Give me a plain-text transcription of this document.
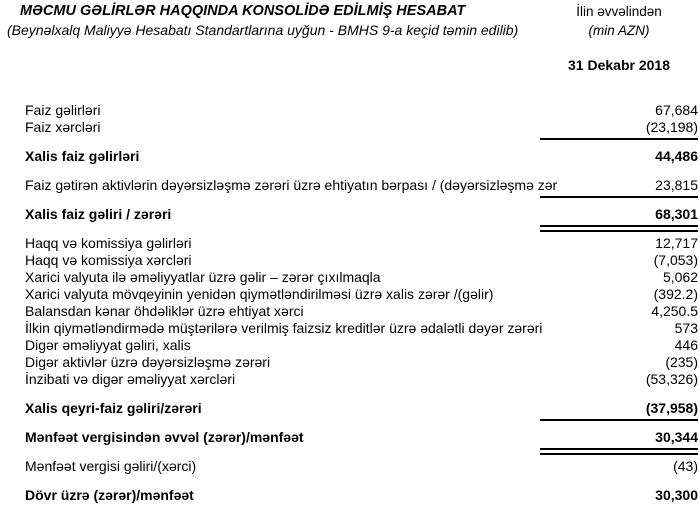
MƏCMU GƏLİRLƏR HAQQINDA KONSOLİDƏ EDİLMİŞ HESABAT
(Beynəlxalq Maliyyə Hesabatı Standartlarına uyğun - BMHS 9-a keçid təmin edilib)
İlin əvvəlindən
(min AZN)
31 Dekabr 2018
Faiz gəlirləri	67,684
Faiz xərcləri	(23,198)
Xalis faiz gəlirləri	44,486
Faiz gətirən aktivlərin dəyərsizləşmə zərəri üzrə ehtiyatın bərpası / (dəyərsizləşmə zər	23,815
Xalis faiz gəliri / zərəri	68,301
Haqq və komissiya gəlirləri	12,717
Haqq və komissiya xərcləri	(7,053)
Xarici valyuta ilə əməliyyatlar üzrə gəlir – zərər çıxılmaqla	5,062
Xarici valyuta mövqeyinin yenidən qiymətləndirilməsi üzrə xalis zərər /(gəlir)	(392.2)
Balansdan kənar öhdəliklər üzrə ehtiyat xərci	4,250.5
İlkin qiymətləndirmədə müştərilərə verilmiş faizsiz kreditlər üzrə ədalətli dəyər zərəri	573
Digər əməliyyat gəliri, xalis	446
Digər aktivlər üzrə dəyərsizləşmə zərəri	(235)
İnzibati və digər əməliyyat xərcləri	(53,326)
Xalis qeyri-faiz gəliri/zərəri	(37,958)
Mənfəət vergisindən əvvəl (zərər)/mənfəət	30,344
Mənfəət vergisi gəliri/(xərci)	(43)
Dövr üzrə (zərər)/mənfəət	30,300
